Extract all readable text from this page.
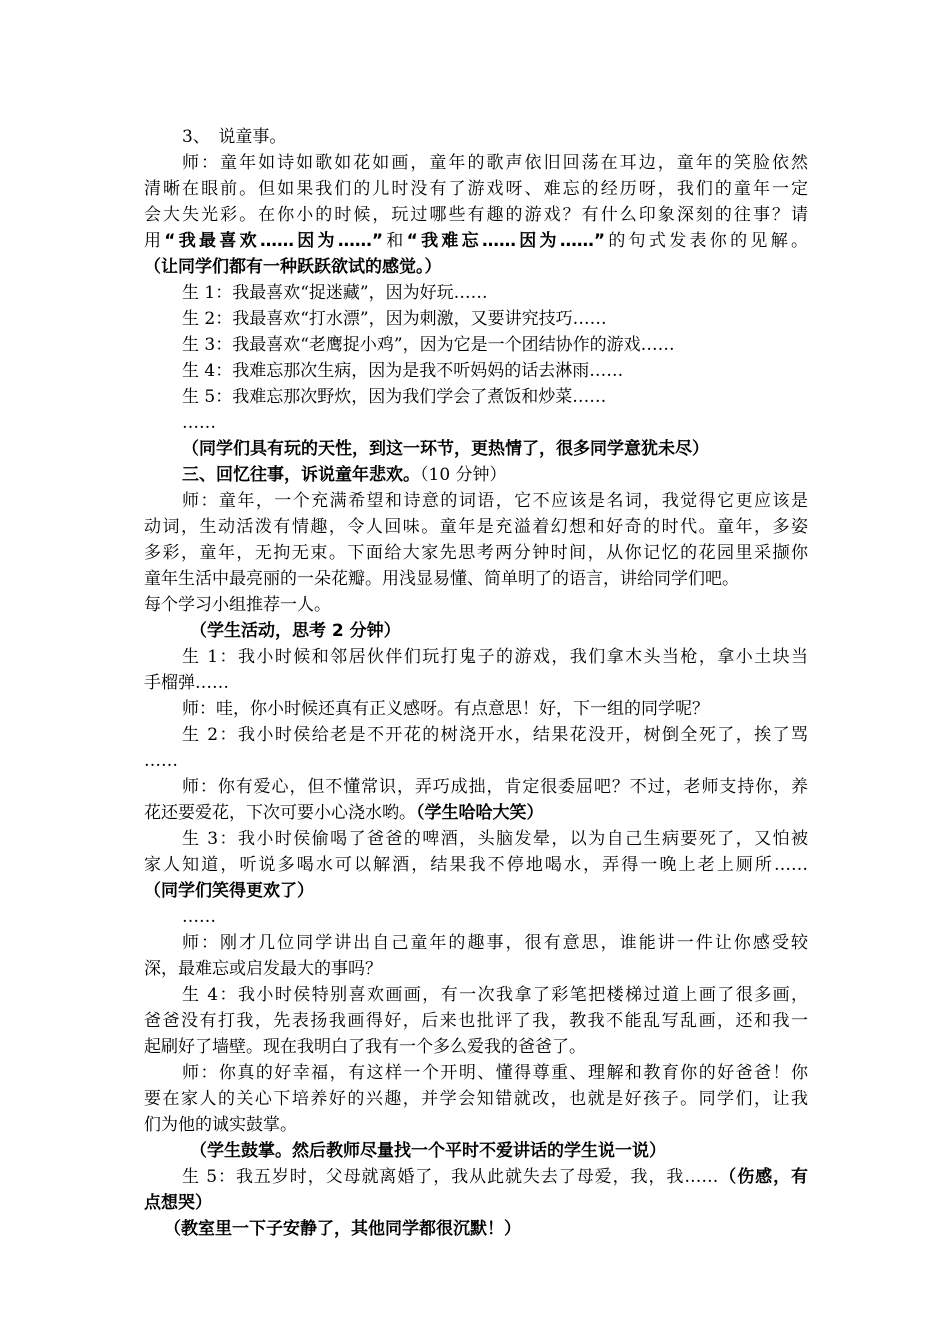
3、　说童事。
师：童年如诗如歌如花如画，童年的歌声依旧回荡在耳边，童年的笑脸依然
清晰在眼前。但如果我们的儿时没有了游戏呀、难忘的经历呀，我们的童年一定
会大失光彩。在你小的时候，玩过哪些有趣的游戏？有什么印象深刻的往事？请
用“我最喜欢……因为……”和“我难忘……因为……”的句式发表你的见解。
（让同学们都有一种跃跃欲试的感觉。）
生 1：我最喜欢“捉迷藏”，因为好玩……
生 2：我最喜欢“打水漂”，因为刺激，又要讲究技巧……
生 3：我最喜欢“老鹰捉小鸡”，因为它是一个团结协作的游戏……
生 4：我难忘那次生病，因为是我不听妈妈的话去淋雨……
生 5：我难忘那次野炊，因为我们学会了煮饭和炒菜……
……
（同学们具有玩的天性，到这一环节，更热情了，很多同学意犹未尽）
三、回忆往事，诉说童年悲欢。（10 分钟）
师：童年，一个充满希望和诗意的词语，它不应该是名词，我觉得它更应该是
动词，生动活泼有情趣，令人回味。童年是充溢着幻想和好奇的时代。童年，多姿
多彩，童年，无拘无束。下面给大家先思考两分钟时间，从你记忆的花园里采撷你
童年生活中最亮丽的一朵花瓣。用浅显易懂、简单明了的语言，讲给同学们吧。
每个学习小组推荐一人。
（学生活动，思考 2 分钟）
生 1：我小时候和邻居伙伴们玩打鬼子的游戏，我们拿木头当枪，拿小土块当
手榴弹……
师：哇，你小时候还真有正义感呀。有点意思！好，下一组的同学呢？
生 2：我小时侯给老是不开花的树浇开水，结果花没开，树倒全死了，挨了骂
……
师：你有爱心，但不懂常识，弄巧成拙，肯定很委屈吧？不过，老师支持你，养
花还要爱花，下次可要小心浇水哟。（学生哈哈大笑）
生 3：我小时侯偷喝了爸爸的啤酒，头脑发晕，以为自己生病要死了，又怕被
家人知道，听说多喝水可以解酒，结果我不停地喝水，弄得一晚上老上厕所……
（同学们笑得更欢了）
……
师：刚才几位同学讲出自己童年的趣事，很有意思，谁能讲一件让你感受较
深，最难忘或启发最大的事吗？
生 4：我小时侯特别喜欢画画，有一次我拿了彩笔把楼梯过道上画了很多画，
爸爸没有打我，先表扬我画得好，后来也批评了我，教我不能乱写乱画，还和我一
起刷好了墙壁。现在我明白了我有一个多么爱我的爸爸了。
师：你真的好幸福，有这样一个开明、懂得尊重、理解和教育你的好爸爸！你
要在家人的关心下培养好的兴趣，并学会知错就改，也就是好孩子。同学们，让我
们为他的诚实鼓掌。
（学生鼓掌。然后教师尽量找一个平时不爱讲话的学生说一说）
生 5：我五岁时，父母就离婚了，我从此就失去了母爱，我，我……（伤感，有
点想哭）
（教室里一下子安静了，其他同学都很沉默！）
